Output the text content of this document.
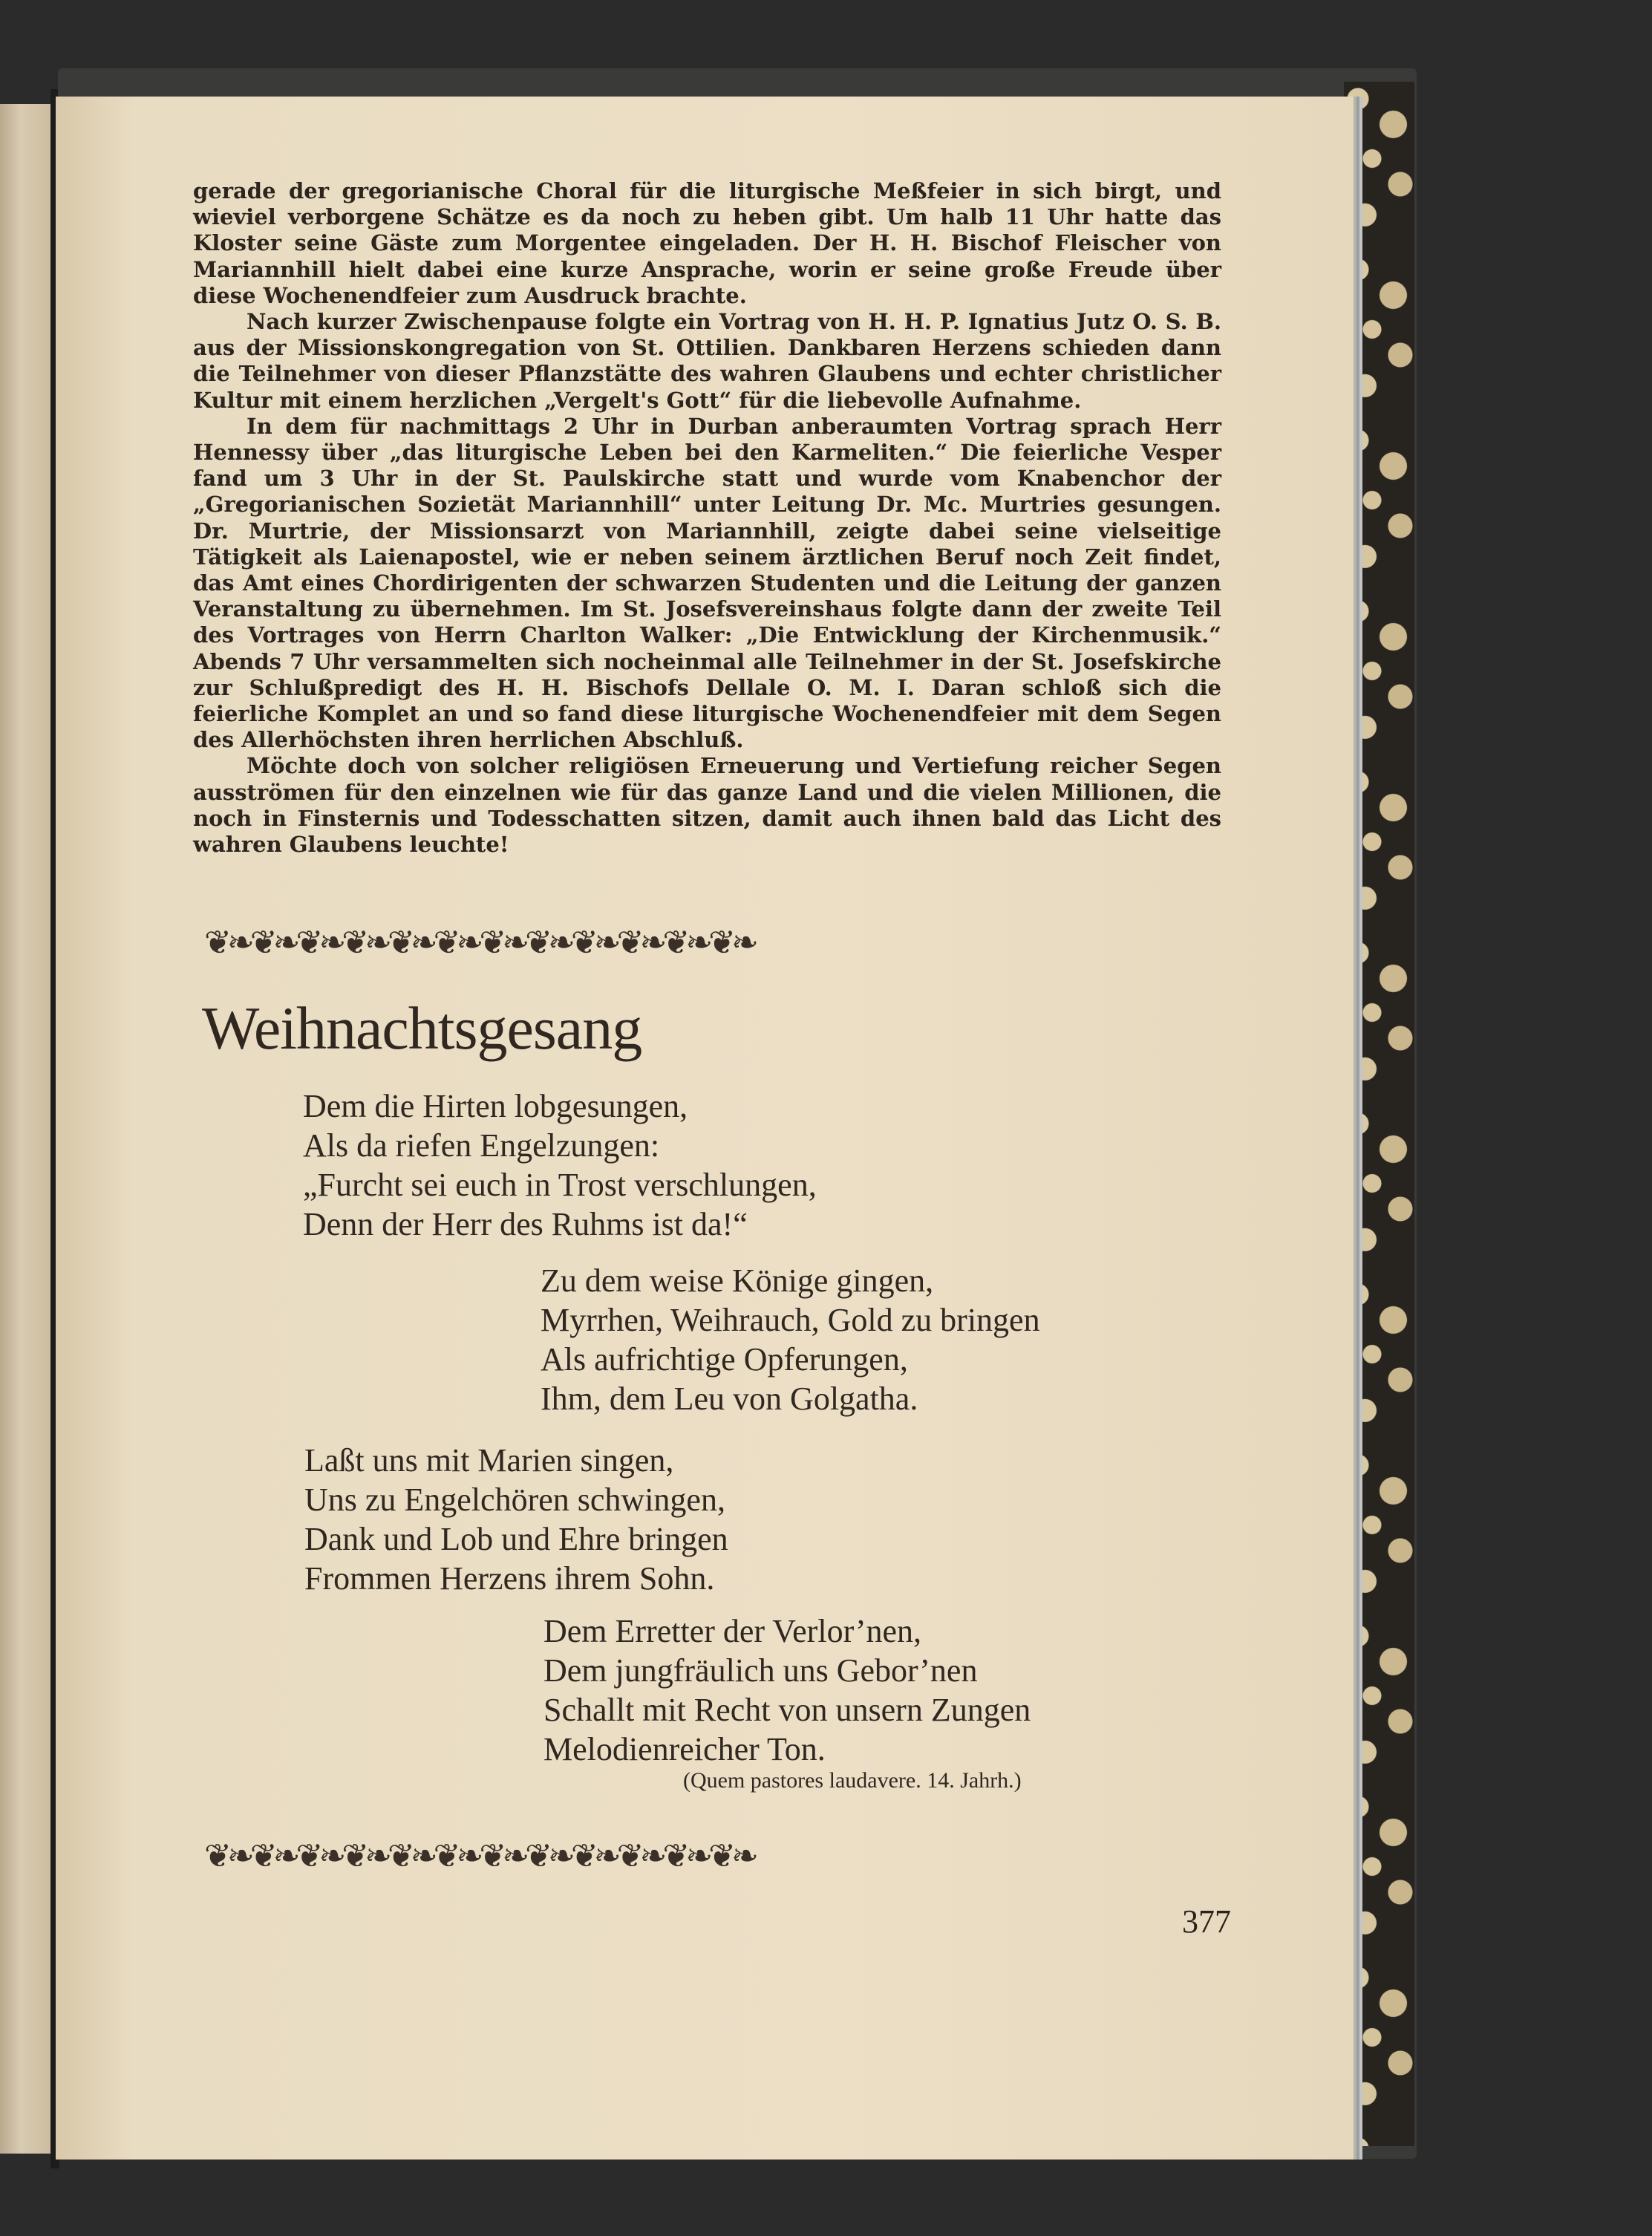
gerade der gregorianische Choral für die liturgische Meßfeier in sich birgt, und wieviel verborgene Schätze es da noch zu heben gibt. Um halb 11 Uhr hatte das Kloster seine Gäste zum Morgentee eingeladen. Der H. H. Bischof Fleischer von Mariannhill hielt dabei eine kurze Ansprache, worin er seine große Freude über diese Wochenendfeier zum Ausdruck brachte.

Nach kurzer Zwischenpause folgte ein Vortrag von H. H. P. Ignatius Jutz O. S. B. aus der Missionskongregation von St. Ottilien. Dankbaren Herzens schieden dann die Teilnehmer von dieser Pflanzstätte des wahren Glaubens und echter christlicher Kultur mit einem herzlichen „Vergelt's Gott“ für die liebevolle Aufnahme.

In dem für nachmittags 2 Uhr in Durban anberaumten Vortrag sprach Herr Hennessy über „das liturgische Leben bei den Karmeliten.“ Die feierliche Vesper fand um 3 Uhr in der St. Paulskirche statt und wurde vom Knabenchor der „Gregorianischen Sozietät Mariannhill“ unter Leitung Dr. Mc. Murtries gesungen. Dr. Murtrie, der Missionsarzt von Mariannhill, zeigte dabei seine vielseitige Tätigkeit als Laienapostel, wie er neben seinem ärztlichen Beruf noch Zeit findet, das Amt eines Chordirigenten der schwarzen Studenten und die Leitung der ganzen Veranstaltung zu übernehmen. Im St. Josefsvereinshaus folgte dann der zweite Teil des Vortrages von Herrn Charlton Walker: „Die Entwicklung der Kirchenmusik.“ Abends 7 Uhr versammelten sich nocheinmal alle Teilnehmer in der St. Josefskirche zur Schlußpredigt des H. H. Bischofs Dellale O. M. I. Daran schloß sich die feierliche Komplet an und so fand diese liturgische Wochenendfeier mit dem Segen des Allerhöchsten ihren herrlichen Abschluß.

Möchte doch von solcher religiösen Erneuerung und Vertiefung reicher Segen ausströmen für den einzelnen wie für das ganze Land und die vielen Millionen, die noch in Finsternis und Todesschatten sitzen, damit auch ihnen bald das Licht des wahren Glaubens leuchte!

❦❧❦❧❦❧❦❧❦❧❦❧❦❧❦❧❦❧❦❧❦❧❦❧
Weihnachtsgesang
Dem die Hirten lobgesungen,
Als da riefen Engelzungen:
„Furcht sei euch in Trost verschlungen,
Denn der Herr des Ruhms ist da!“
Zu dem weise Könige gingen,
Myrrhen, Weihrauch, Gold zu bringen
Als aufrichtige Opferungen,
Ihm, dem Leu von Golgatha.
Laßt uns mit Marien singen,
Uns zu Engelchören schwingen,
Dank und Lob und Ehre bringen
Frommen Herzens ihrem Sohn.
Dem Erretter der Verlor’nen,
Dem jungfräulich uns Gebor’nen
Schallt mit Recht von unsern Zungen
Melodienreicher Ton.
(Quem pastores laudavere. 14. Jahrh.)
❦❧❦❧❦❧❦❧❦❧❦❧❦❧❦❧❦❧❦❧❦❧❦❧
377
